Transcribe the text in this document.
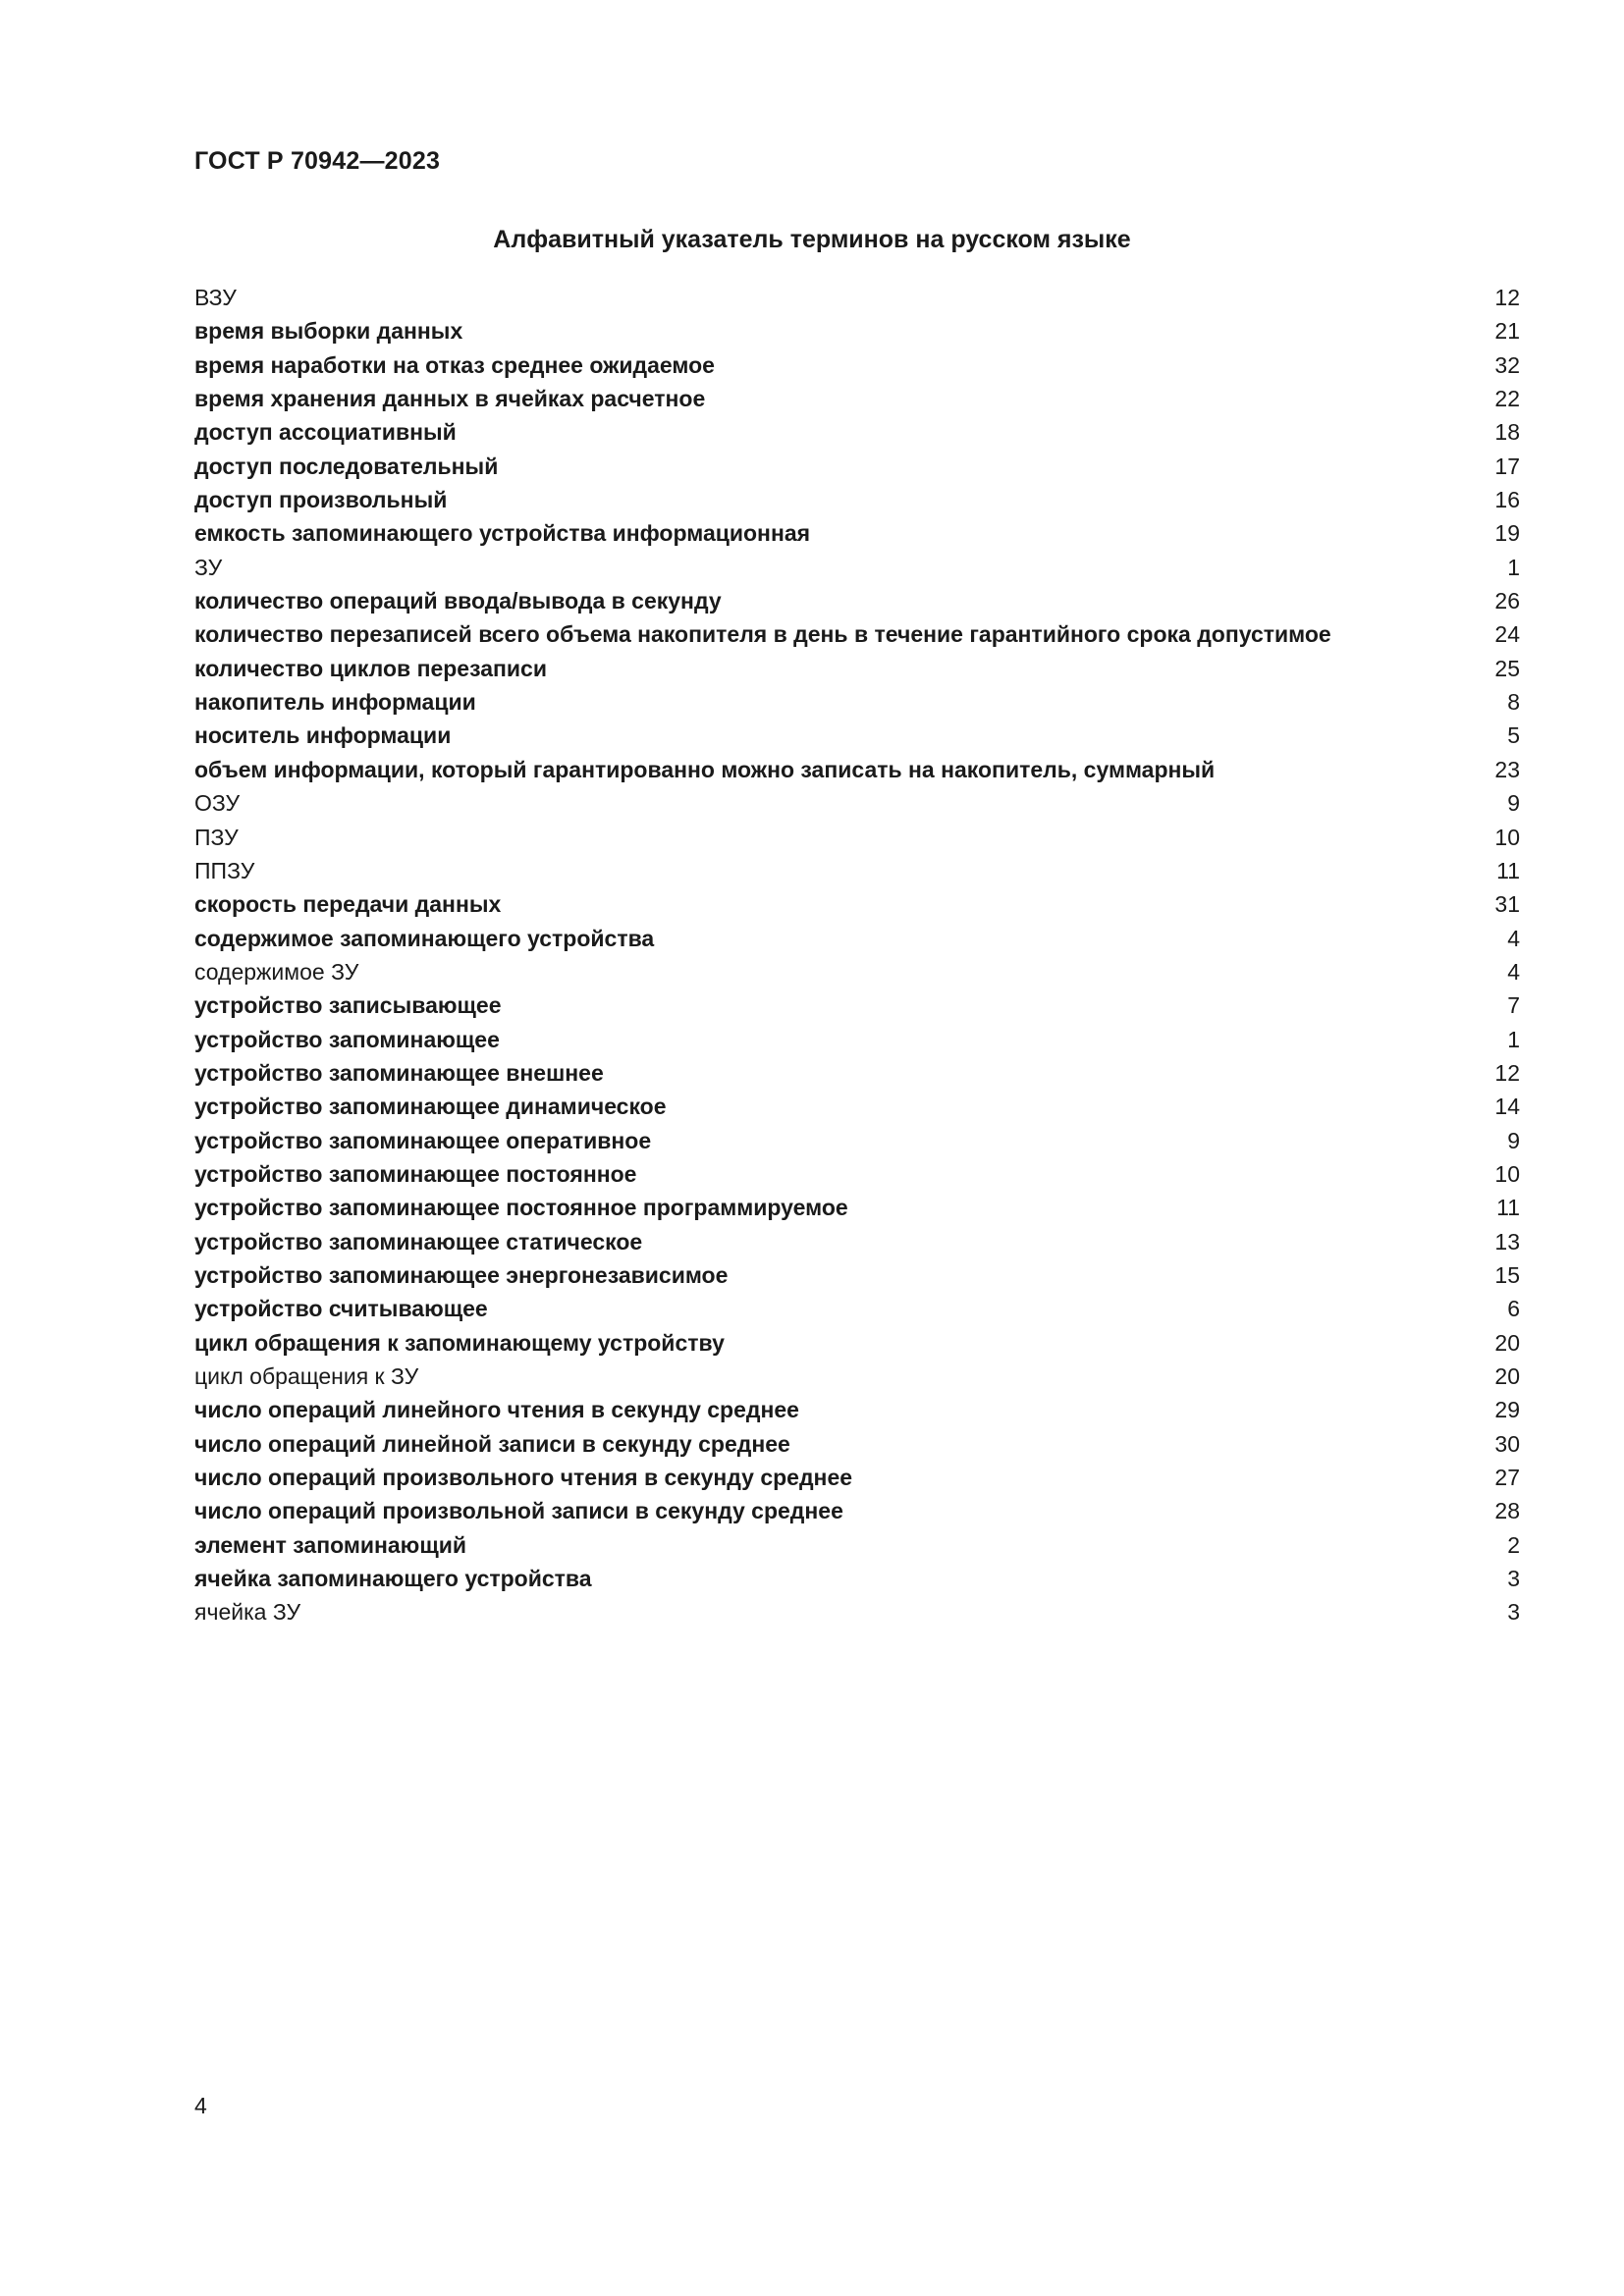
ГОСТ Р 70942—2023
Алфавитный указатель терминов на русском языке
ВЗУ	12
время выборки данных	21
время наработки на отказ среднее ожидаемое	32
время хранения данных в ячейках расчетное	22
доступ ассоциативный	18
доступ последовательный	17
доступ произвольный	16
емкость запоминающего устройства информационная	19
ЗУ	1
количество операций ввода/вывода в секунду	26
количество перезаписей всего объема накопителя в день в течение гарантийного срока допустимое	24
количество циклов перезаписи	25
накопитель информации	8
носитель информации	5
объем информации, который гарантированно можно записать на накопитель, суммарный	23
ОЗУ	9
ПЗУ	10
ППЗУ	11
скорость передачи данных	31
содержимое запоминающего устройства	4
содержимое ЗУ	4
устройство записывающее	7
устройство запоминающее	1
устройство запоминающее внешнее	12
устройство запоминающее динамическое	14
устройство запоминающее оперативное	9
устройство запоминающее постоянное	10
устройство запоминающее постоянное программируемое	11
устройство запоминающее статическое	13
устройство запоминающее энергонезависимое	15
устройство считывающее	6
цикл обращения к запоминающему устройству	20
цикл обращения к ЗУ	20
число операций линейного чтения в секунду среднее	29
число операций линейной записи в секунду среднее	30
число операций произвольного чтения в секунду среднее	27
число операций произвольной записи в секунду среднее	28
элемент запоминающий	2
ячейка запоминающего устройства	3
ячейка ЗУ	3
4
